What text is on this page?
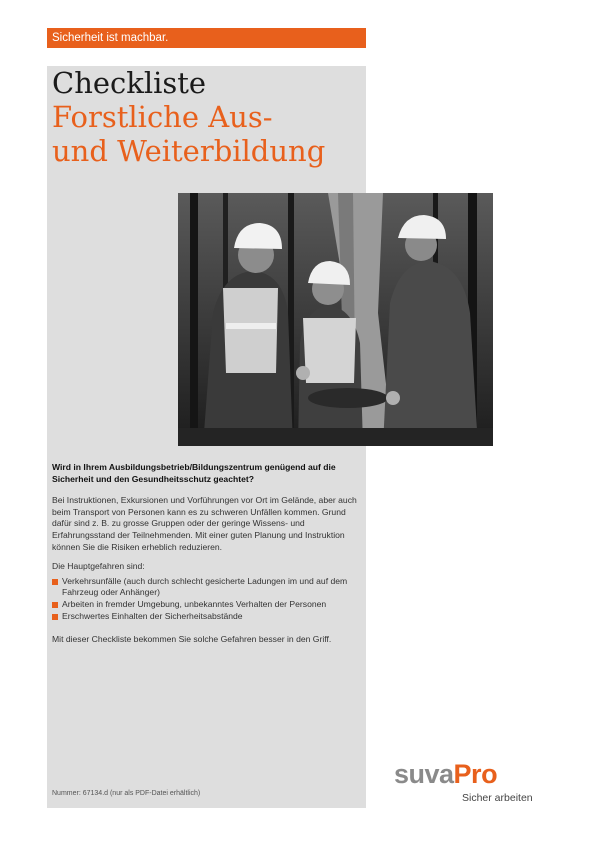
Sicherheit ist machbar.
Checkliste
Forstliche Aus-
und Weiterbildung

Wird in Ihrem Ausbildungsbetrieb/Bildungszentrum genügend auf die Sicherheit und den Gesundheitsschutz geachtet?

Bei Instruktionen, Exkursionen und Vorführungen vor Ort im Gelände, aber auch beim Transport von Personen kann es zu schweren Unfällen kommen. Grund dafür sind z. B. zu grosse Gruppen oder der geringe Wissens- und Erfahrungsstand der Teilnehmenden. Mit einer guten Planung und Instruktion können Sie die Risiken erheblich reduzieren.

Die Hauptgefahren sind:

Verkehrsunfälle (auch durch schlecht gesicherte Ladungen im und auf dem Fahrzeug oder Anhänger)
Arbeiten in fremder Umgebung, unbekanntes Verhalten der Personen
Erschwertes Einhalten der Sicherheitsabstände

Mit dieser Checkliste bekommen Sie solche Gefahren besser in den Griff.

Nummer: 67134.d (nur als PDF-Datei erhältlich)
suvaPro
Sicher arbeiten
